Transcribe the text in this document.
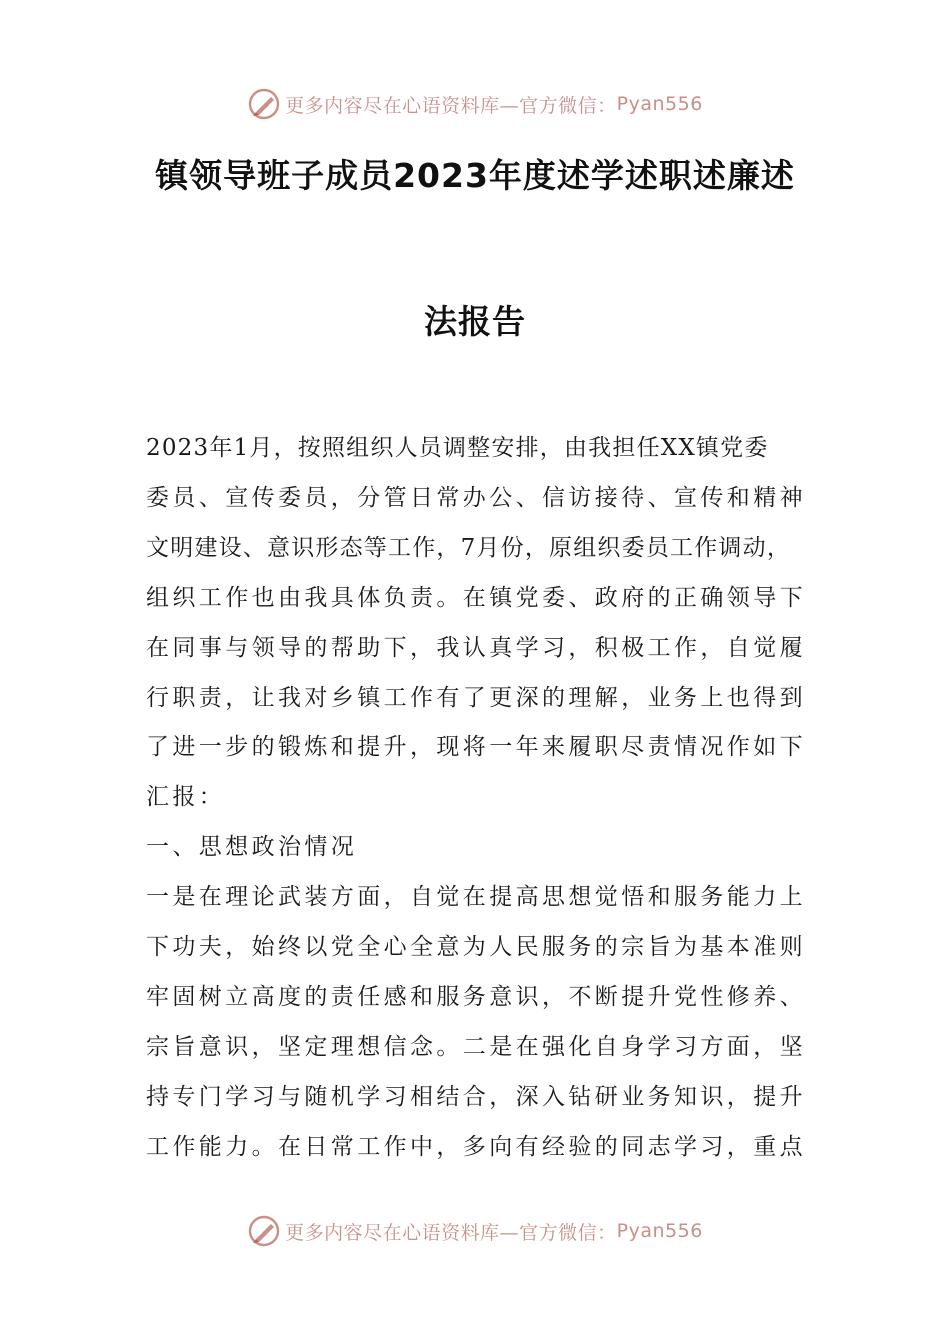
更多内容尽在心语资料库—官方微信： Pyan556
镇领导班子成员2023年度述学述职述廉述
法报告
2023年1月，按照组织人员调整安排，由我担任XX镇党委
委员、宣传委员，分管日常办公、信访接待、宣传和精神
文明建设、意识形态等工作，7月份，原组织委员工作调动，
组织工作也由我具体负责。在镇党委、政府的正确领导下
在同事与领导的帮助下，我认真学习，积极工作，自觉履
行职责，让我对乡镇工作有了更深的理解，业务上也得到
了进一步的锻炼和提升，现将一年来履职尽责情况作如下
汇报：
一、思想政治情况
一是在理论武装方面，自觉在提高思想觉悟和服务能力上
下功夫，始终以党全心全意为人民服务的宗旨为基本准则
牢固树立高度的责任感和服务意识，不断提升党性修养、
宗旨意识，坚定理想信念。二是在强化自身学习方面，坚
持专门学习与随机学习相结合，深入钻研业务知识，提升
工作能力。在日常工作中，多向有经验的同志学习，重点
更多内容尽在心语资料库—官方微信： Pyan556
